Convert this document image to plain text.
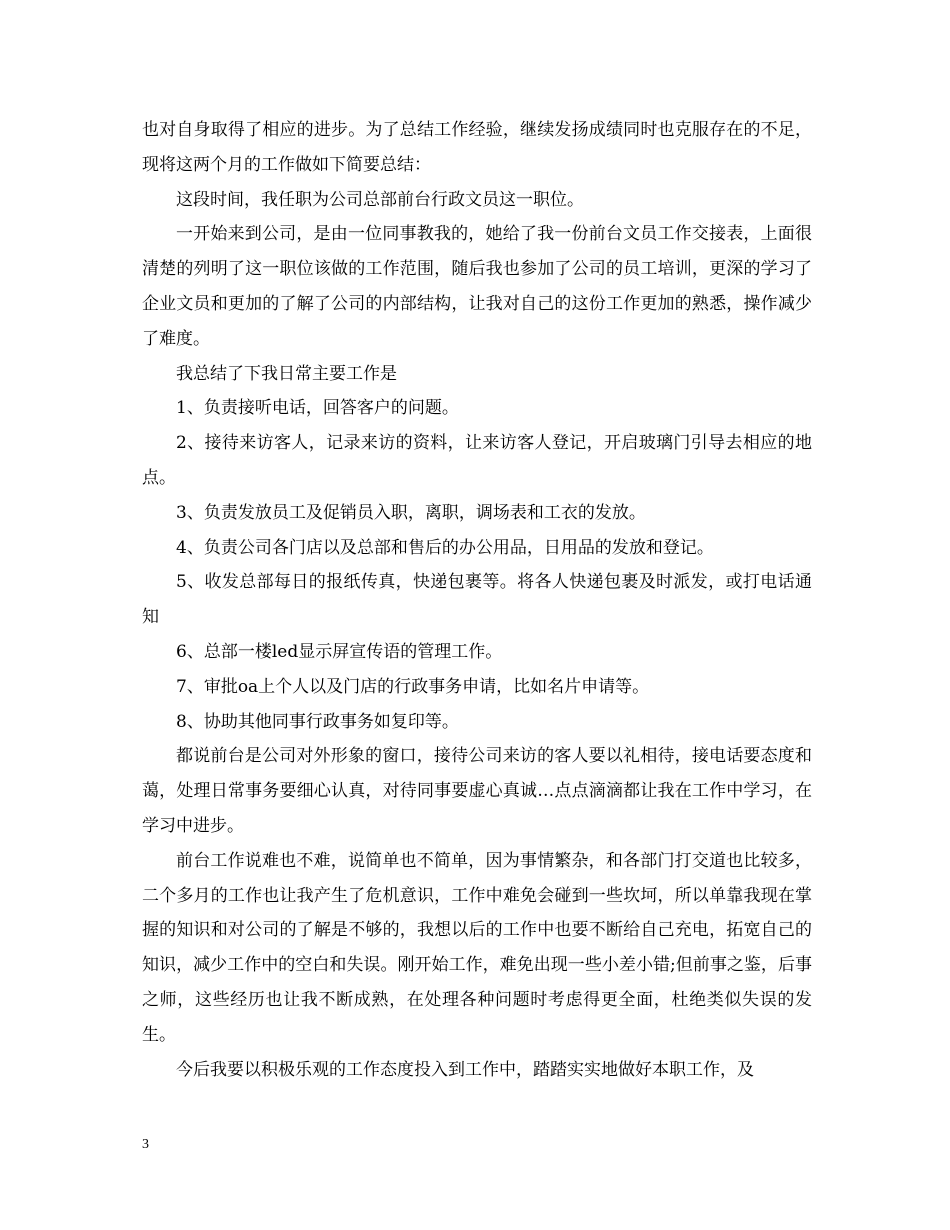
也对自身取得了相应的进步。为了总结工作经验，继续发扬成绩同时也克服存在的不足，现将这两个月的工作做如下简要总结：

这段时间，我任职为公司总部前台行政文员这一职位。

一开始来到公司，是由一位同事教我的，她给了我一份前台文员工作交接表，上面很清楚的列明了这一职位该做的工作范围，随后我也参加了公司的员工培训，更深的学习了企业文员和更加的了解了公司的内部结构，让我对自己的这份工作更加的熟悉，操作减少了难度。

我总结了下我日常主要工作是

1、负责接听电话，回答客户的问题。

2、接待来访客人，记录来访的资料，让来访客人登记，开启玻璃门引导去相应的地点。

3、负责发放员工及促销员入职，离职，调场表和工衣的发放。

4、负责公司各门店以及总部和售后的办公用品，日用品的发放和登记。

5、收发总部每日的报纸传真，快递包裹等。将各人快递包裹及时派发，或打电话通知

6、总部一楼led显示屏宣传语的管理工作。

7、审批oa上个人以及门店的行政事务申请，比如名片申请等。

8、协助其他同事行政事务如复印等。

都说前台是公司对外形象的窗口，接待公司来访的客人要以礼相待，接电话要态度和蔼，处理日常事务要细心认真，对待同事要虚心真诚…点点滴滴都让我在工作中学习，在学习中进步。

前台工作说难也不难，说简单也不简单，因为事情繁杂，和各部门打交道也比较多，二个多月的工作也让我产生了危机意识，工作中难免会碰到一些坎坷，所以单靠我现在掌握的知识和对公司的了解是不够的，我想以后的工作中也要不断给自己充电，拓宽自己的知识，减少工作中的空白和失误。刚开始工作，难免出现一些小差小错;但前事之鉴，后事之师，这些经历也让我不断成熟，在处理各种问题时考虑得更全面，杜绝类似失误的发生。

今后我要以积极乐观的工作态度投入到工作中，踏踏实实地做好本职工作，及

3
